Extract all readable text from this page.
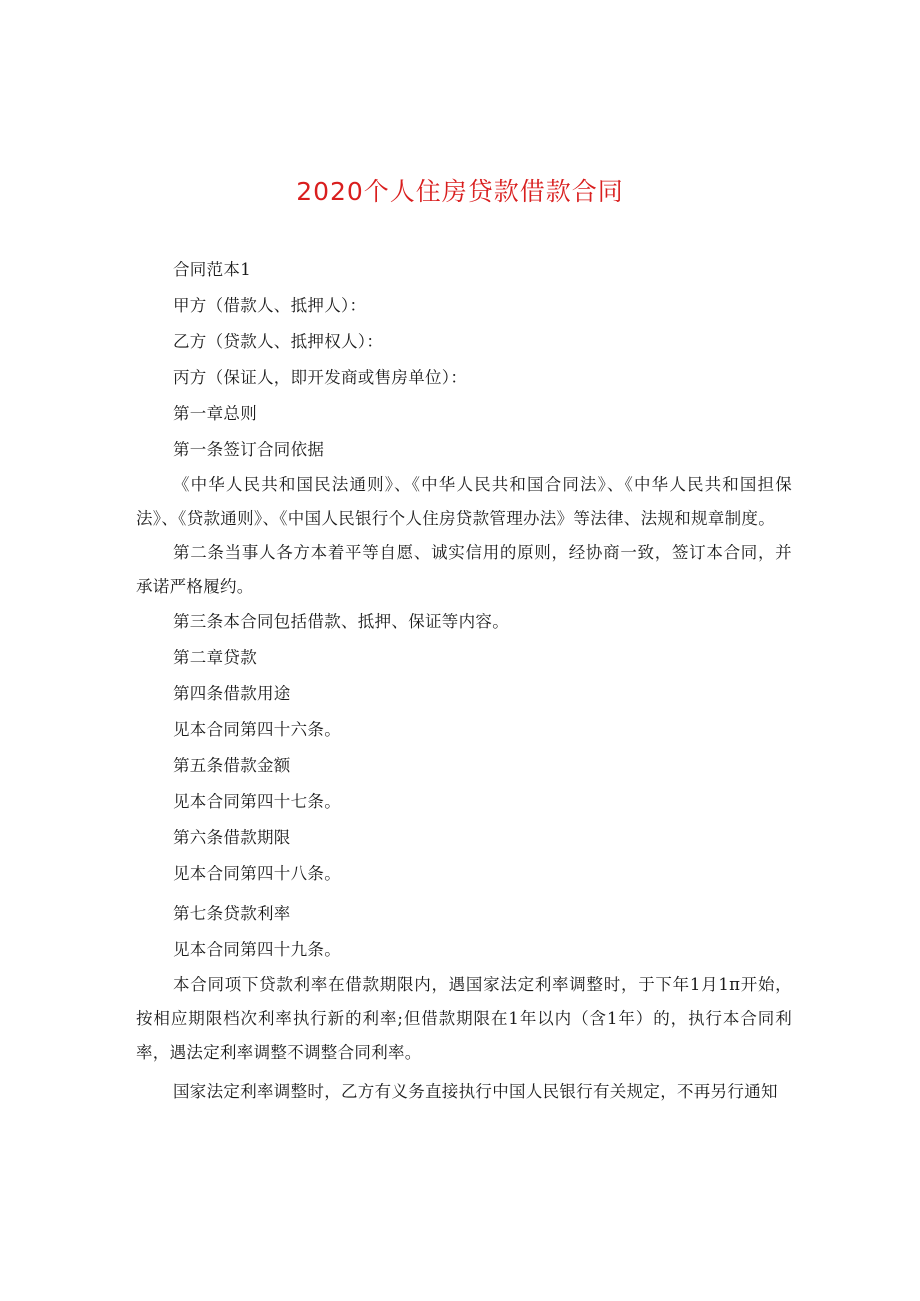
2020个人住房贷款借款合同

合同范本1

甲方（借款人、抵押人）：

乙方（贷款人、抵押权人）：

丙方（保证人，即开发商或售房单位）：

第一章总则

第一条签订合同依据

《中华人民共和国民法通则》、《中华人民共和国合同法》、《中华人民共和国担保法》、《贷款通则》、《中国人民银行个人住房贷款管理办法》等法律、法规和规章制度。

第二条当事人各方本着平等自愿、诚实信用的原则，经协商一致，签订本合同，并承诺严格履约。

第三条本合同包括借款、抵押、保证等内容。

第二章贷款

第四条借款用途

见本合同第四十六条。

第五条借款金额

见本合同第四十七条。

第六条借款期限

见本合同第四十八条。

第七条贷款利率

见本合同第四十九条。

本合同项下贷款利率在借款期限内，遇国家法定利率调整时，于下年1月1π开始，按相应期限档次利率执行新的利率;但借款期限在1年以内（含1年）的，执行本合同利率，遇法定利率调整不调整合同利率。

国家法定利率调整时，乙方有义务直接执行中国人民银行有关规定，不再另行通知
